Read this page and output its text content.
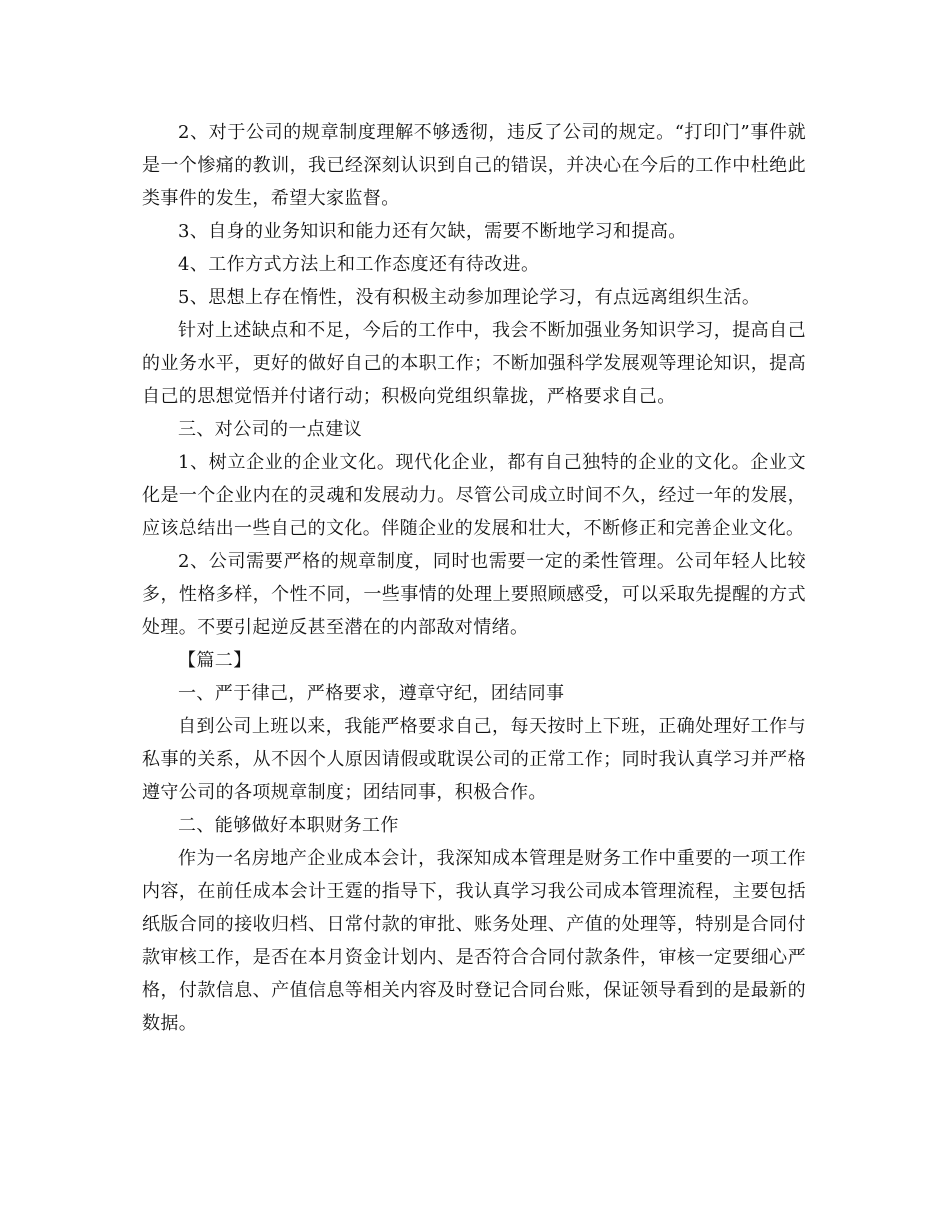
2、对于公司的规章制度理解不够透彻，违反了公司的规定。“打印门”事件就是一个惨痛的教训，我已经深刻认识到自己的错误，并决心在今后的工作中杜绝此类事件的发生，希望大家监督。

3、自身的业务知识和能力还有欠缺，需要不断地学习和提高。

4、工作方式方法上和工作态度还有待改进。

5、思想上存在惰性，没有积极主动参加理论学习，有点远离组织生活。

针对上述缺点和不足，今后的工作中，我会不断加强业务知识学习，提高自己的业务水平，更好的做好自己的本职工作；不断加强科学发展观等理论知识，提高自己的思想觉悟并付诸行动；积极向党组织靠拢，严格要求自己。

三、对公司的一点建议

1、树立企业的企业文化。现代化企业，都有自己独特的企业的文化。企业文化是一个企业内在的灵魂和发展动力。尽管公司成立时间不久，经过一年的发展，应该总结出一些自己的文化。伴随企业的发展和壮大，不断修正和完善企业文化。

2、公司需要严格的规章制度，同时也需要一定的柔性管理。公司年轻人比较多，性格多样，个性不同，一些事情的处理上要照顾感受，可以采取先提醒的方式处理。不要引起逆反甚至潜在的内部敌对情绪。

【篇二】

一、严于律己，严格要求，遵章守纪，团结同事

自到公司上班以来，我能严格要求自己，每天按时上下班，正确处理好工作与私事的关系，从不因个人原因请假或耽误公司的正常工作；同时我认真学习并严格遵守公司的各项规章制度；团结同事，积极合作。

二、能够做好本职财务工作

作为一名房地产企业成本会计，我深知成本管理是财务工作中重要的一项工作内容，在前任成本会计王霆的指导下，我认真学习我公司成本管理流程，主要包括纸版合同的接收归档、日常付款的审批、账务处理、产值的处理等，特别是合同付款审核工作，是否在本月资金计划内、是否符合合同付款条件，审核一定要细心严格，付款信息、产值信息等相关内容及时登记合同台账，保证领导看到的是最新的数据。
